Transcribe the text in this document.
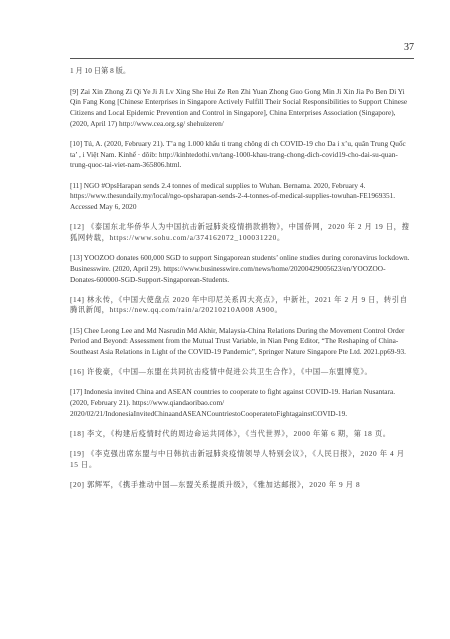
37

1 月 10 日第 8 版。

[9] Zai Xin Zhong Zi Qi Ye Ji Ji Lv Xing She Hui Ze Ren Zhi Yuan Zhong Guo Gong Min Ji Xin Jia Po Ben Di Yi Qin Fang Kong [Chinese Enterprises in Singapore Actively Fulfill Their Social Responsibilities to Support Chinese Citizens and Local Epidemic Prevention and Control in Singapore], China Enterprises Association (Singapore), (2020, April 17) http://www.cea.org.sg/ shehuizeren/

[10] Tú, A. (2020, February 21). T’a ng 1.000 khẩu ti trang chông di ch COVID-19 cho Da i x’u, quân Trung Quốc ta’ , i Việt Nam. Kinhế · dôib: http://kinhtedothi.vn/tang-1000-khau-trang-chong-dich-covid19-cho-dai-su-quan-trung-quoc-tai-viet-nam-365806.html.

[11] NGO #OpsHarapan sends 2.4 tonnes of medical supplies to Wuhan. Bernama. 2020, February 4. https://www.thesundaily.my/local/ngo-opsharapan-sends-2-4-tonnes-of-medical-supplies-towuhan-FE1969351. Accessed May 6, 2020

[12] 《泰国东北华侨华人为中国抗击新冠肺炎疫情捐款捐物》，中国侨网，2020 年 2 月 19 日，搜狐网转载，https://www.sohu.com/a/374162072_100031220。

[13] YOOZOO donates 600,000 SGD to support Singaporean students’ online studies during coronavirus lockdown. Businesswire. (2020, April 29). https://www.businesswire.com/news/home/20200429005623/en/YOOZOO-Donates-600000-SGD-Support-Singaporean-Students.

[14] 林永传，《中国大使盘点 2020 年中印尼关系四大亮点》，中新社，2021 年 2 月 9 日，转引自腾讯新闻，https://new.qq.com/rain/a/20210210A008 A900。

[15] Chee Leong Lee and Md Nasrudin Md Akhir, Malaysia-China Relations During the Movement Control Order Period and Beyond: Assessment from the Mutual Trust Variable, in Nian Peng Editor, “The Reshaping of China-Southeast Asia Relations in Light of the COVID-19 Pandemic”, Springer Nature Singapore Pte Ltd. 2021.pp69-93.

[16] 许俊豪，《中国—东盟在共同抗击疫情中促进公共卫生合作》，《中国—东盟博览》。

[17] Indonesia invited China and ASEAN countries to cooperate to fight against COVID-19. Harian Nusantara. (2020, February 21). https://www.qiandaoribao.com/ 2020/02/21/IndonesiaInvitedChinaandASEANCountriestoCooperatetoFightagainstCOVID-19.

[18] 李文，《构建后疫情时代的周边命运共同体》，《当代世界》，2000 年第 6 期，第 18 页。

[19] 《李克强出席东盟与中日韩抗击新冠肺炎疫情领导人特别会议》，《人民日报》，2020 年 4 月 15 日。

[20] 郭辉军，《携手推动中国—东盟关系提质升级》，《雅加达邮报》，2020 年 9 月 8
